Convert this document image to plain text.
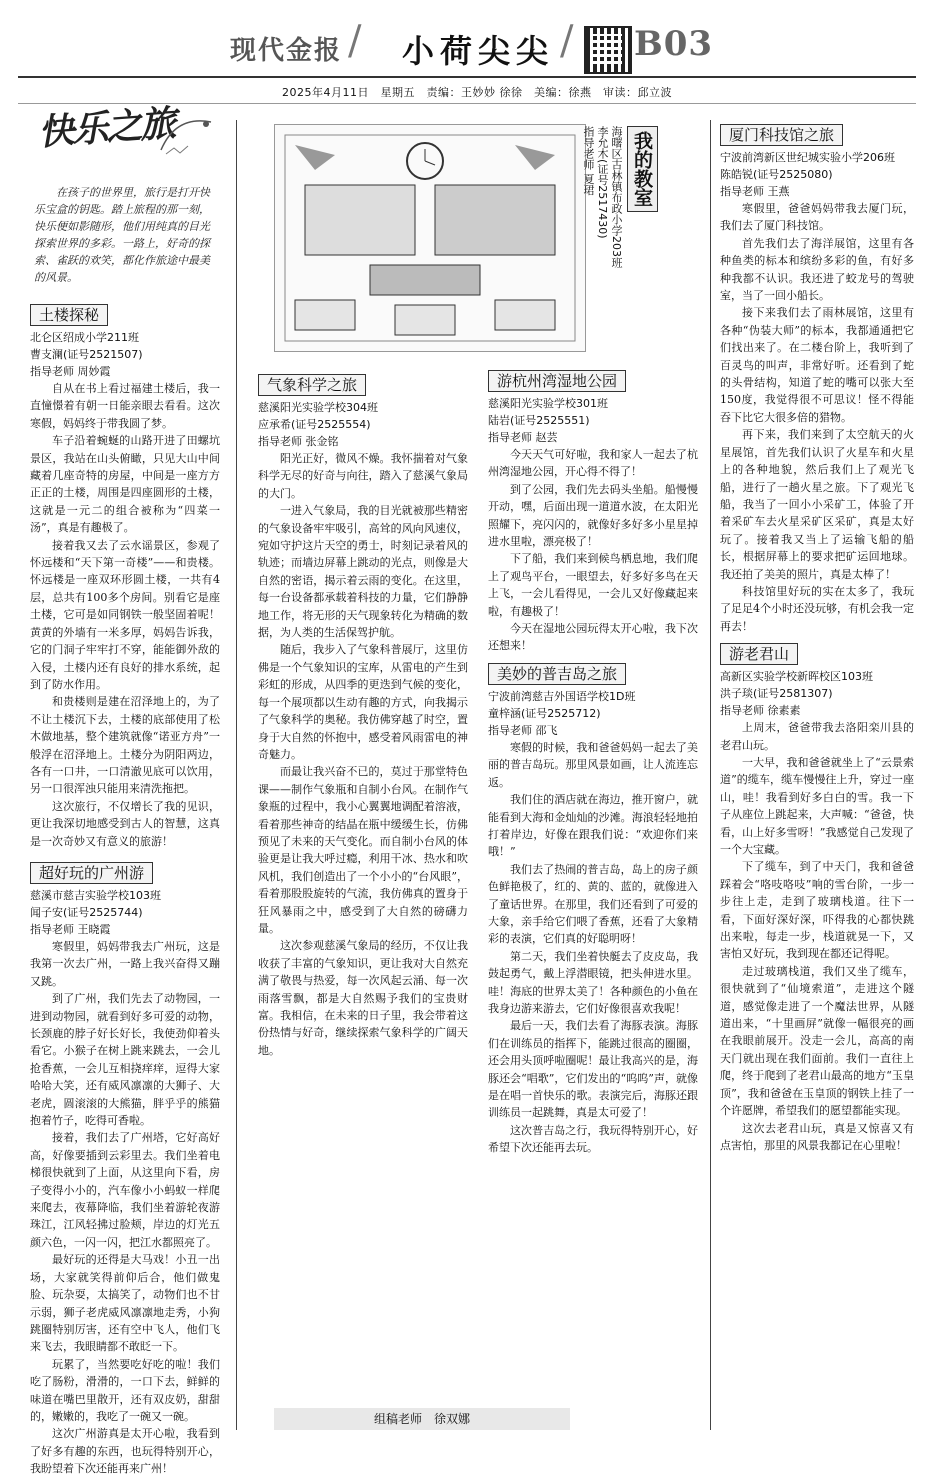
现代金报 / 小荷尖尖 / B03
2025年4月11日　星期五　责编：王妙妙 徐徐　美编：徐燕　审读：邱立波
快乐之旅
在孩子的世界里，旅行是打开快乐宝盒的钥匙。踏上旅程的那一刻，快乐便如影随形，他们用纯真的目光探索世界的多彩。一路上，好奇的探索、雀跃的欢笑，都化作旅途中最美的风景。
土楼探秘
北仑区绍成小学211班
曹支澜(证号2521507)
指导老师 周妙霞

自从在书上看过福建土楼后，我一直憧憬着有朝一日能亲眼去看看。这次寒假，妈妈终于带我圆了梦。

车子沿着蜿蜒的山路开进了田螺坑景区，我站在山头俯瞰，只见大山中间藏着几座奇特的房屋，中间是一座方方正正的土楼，周围是四座圆形的土楼，这就是一元二的组合被称为“四菜一汤”，真是有趣极了。

接着我又去了云水谣景区，参观了怀远楼和“天下第一奇楼”——和贵楼。怀远楼是一座双环形圆土楼，一共有4层，总共有100多个房间。别看它是座土楼，它可是如同钢铁一般坚固着呢！黄黄的外墙有一米多厚，妈妈告诉我，它的门洞子牢牢打不穿，能能御外敌的入侵，土楼内还有良好的排水系统，起到了防水作用。

和贵楼则是建在沼泽地上的，为了不让土楼沉下去，土楼的底部使用了松木做地基，整个建筑就像“诺亚方舟”一般浮在沼泽地上。土楼分为阴阳两边，各有一口井，一口清澈见底可以饮用，另一口很浑浊只能用来清洗拖把。

这次旅行，不仅增长了我的见识，更让我深切地感受到古人的智慧，这真是一次奇妙又有意义的旅游！

超好玩的广州游
慈溪市慈吉实验学校103班
闻子安(证号2525744)
指导老师 王晓霞

寒假里，妈妈带我去广州玩，这是我第一次去广州，一路上我兴奋得又蹦又跳。

到了广州，我们先去了动物园，一进到动物园，就看到好多可爱的动物，长颈鹿的脖子好长好长，我使劲仰着头看它。小猴子在树上跳来跳去，一会儿抢香蕉，一会儿互相挠痒痒，逗得大家哈哈大笑，还有威风凛凛的大狮子、大老虎，圆滚滚的大熊猫，胖乎乎的熊猫抱着竹子，吃得可香啦。

接着，我们去了广州塔，它好高好高，好像要插到云彩里去。我们坐着电梯很快就到了上面，从这里向下看，房子变得小小的，汽车像小小蚂蚁一样爬来爬去，夜幕降临，我们坐着游轮夜游珠江，江风轻拂过脸颊，岸边的灯光五颜六色，一闪一闪，把江水都照亮了。

最好玩的还得是大马戏！小丑一出场，大家就笑得前仰后合，他们做鬼脸、玩杂耍，太搞笑了，动物们也不甘示弱，狮子老虎威风凛凛地走秀，小狗跳圈特别厉害，还有空中飞人，他们飞来飞去，我眼睛都不敢眨一下。

玩累了，当然要吃好吃的啦！我们吃了肠粉，滑滑的，一口下去，鲜鲜的味道在嘴巴里散开，还有双皮奶，甜甜的，嫩嫩的，我吃了一碗又一碗。

这次广州游真是太开心啦，我看到了好多有趣的东西，也玩得特别开心，我盼望着下次还能再来广州！

我的教室
海曙区古林镇布政小学203班
李允木(证号2517430)
指导老师 夏珺
气象科学之旅
慈溪阳光实验学校304班
应承希(证号2525554)
指导老师 张金铭

阳光正好，微风不燥。我怀揣着对气象科学无尽的好奇与向往，踏入了慈溪气象局的大门。

一进入气象局，我的目光就被那些精密的气象设备牢牢吸引，高耸的风向风速仪，宛如守护这片天空的勇士，时刻记录着风的轨迹；而墙边屏幕上跳动的光点，则像是大自然的密语，揭示着云雨的变化。在这里，每一台设备都承载着科技的力量，它们静静地工作，将无形的天气现象转化为精确的数据，为人类的生活保驾护航。

随后，我步入了气象科普展厅，这里仿佛是一个气象知识的宝库，从雷电的产生到彩虹的形成，从四季的更迭到气候的变化，每一个展项都以生动有趣的方式，向我揭示了气象科学的奥秘。我仿佛穿越了时空，置身于大自然的怀抱中，感受着风雨雷电的神奇魅力。

而最让我兴奋不已的，莫过于那堂特色课——制作气象瓶和自制小台风。在制作气象瓶的过程中，我小心翼翼地调配着溶液，看着那些神奇的结晶在瓶中缓缓生长，仿佛预见了未来的天气变化。而自制小台风的体验更是让我大呼过瘾，利用干冰、热水和吹风机，我们创造出了一个小小的“台风眼”，看着那股股旋转的气流，我仿佛真的置身于狂风暴雨之中，感受到了大自然的磅礴力量。

这次参观慈溪气象局的经历，不仅让我收获了丰富的气象知识，更让我对大自然充满了敬畏与热爱，每一次风起云涌、每一次雨落雪飘，都是大自然赐予我们的宝贵财富。我相信，在未来的日子里，我会带着这份热情与好奇，继续探索气象科学的广阔天地。

游杭州湾湿地公园
慈溪阳光实验学校301班
陆岩(证号2525551)
指导老师 赵芸

今天天气可好啦，我和家人一起去了杭州湾湿地公园，开心得不得了！

到了公园，我们先去码头坐船。船慢慢开动，嘿，后面出现一道道水波，在太阳光照耀下，亮闪闪的，就像好多好多小星星掉进水里啦，漂亮极了！

下了船，我们来到候鸟栖息地，我们爬上了观鸟平台，一眼望去，好多好多鸟在天上飞，一会儿看得见，一会儿又好像藏起来啦，有趣极了！

今天在湿地公园玩得太开心啦，我下次还想来！

美妙的普吉岛之旅
宁波前湾慈吉外国语学校1D班
童梓涵(证号2525712)
指导老师 邵飞

寒假的时候，我和爸爸妈妈一起去了美丽的普吉岛玩。那里风景如画，让人流连忘返。

我们住的酒店就在海边，推开窗户，就能看到大海和金灿灿的沙滩。海浪轻轻地拍打着岸边，好像在跟我们说：“欢迎你们来哦！”

我们去了热闹的普吉岛，岛上的房子颜色鲜艳极了，红的、黄的、蓝的，就像进入了童话世界。在那里，我们还看到了可爱的大象，亲手给它们喂了香蕉，还看了大象精彩的表演，它们真的好聪明呀！

第二天，我们坐着快艇去了皮皮岛，我鼓起勇气，戴上浮潜眼镜，把头伸进水里。哇！海底的世界太美了！各种颜色的小鱼在我身边游来游去，它们好像很喜欢我呢！

最后一天，我们去看了海豚表演。海豚们在训练员的指挥下，能跳过很高的圈圈，还会用头顶呼啦圈呢！最让我高兴的是，海豚还会“唱歌”，它们发出的“呜呜”声，就像是在唱一首快乐的歌。表演完后，海豚还跟训练员一起跳舞，真是太可爱了！

这次普吉岛之行，我玩得特别开心，好希望下次还能再去玩。

厦门科技馆之旅
宁波前湾新区世纪城实验小学206班
陈皓锐(证号2525080)
指导老师 王燕

寒假里，爸爸妈妈带我去厦门玩，我们去了厦门科技馆。

首先我们去了海洋展馆，这里有各种鱼类的标本和缤纷多彩的鱼，有好多种我都不认识。我还进了蛟龙号的驾驶室，当了一回小船长。

接下来我们去了雨林展馆，这里有各种“伪装大师”的标本，我都通通把它们找出来了。在二楼台阶上，我听到了百灵鸟的叫声，非常好听。还看到了蛇的头骨结构，知道了蛇的嘴可以张大至150度，我觉得很不可思议！怪不得能吞下比它大很多倍的猎物。

再下来，我们来到了太空航天的火星展馆，首先我们认识了火星车和火星上的各种地貌，然后我们上了观光飞船，进行了一趟火星之旅。下了观光飞船，我当了一回小小采矿工，体验了开着采矿车去火星采矿区采矿，真是太好玩了。接着我又当上了运输飞船的船长，根据屏幕上的要求把矿运回地球。我还拍了美美的照片，真是太棒了！

科技馆里好玩的实在太多了，我玩了足足4个小时还没玩够，有机会我一定再去！

游老君山
高新区实验学校新晖校区103班
洪子琰(证号2581307)
指导老师 徐素素

上周末，爸爸带我去洛阳栾川县的老君山玩。

一大早，我和爸爸就坐上了“云景索道”的缆车，缆车慢慢往上升，穿过一座山，哇！我看到好多白白的雪。我一下子从座位上跳起来，大声喊：“爸爸，快看，山上好多雪呀！”我感觉自己发现了一个大宝藏。

下了缆车，到了中天门，我和爸爸踩着会“咯吱咯吱”响的雪台阶，一步一步往上走，走到了玻璃栈道。往下一看，下面好深好深，吓得我的心都快跳出来啦，每走一步，栈道就晃一下，又害怕又好玩，我到现在都还记得呢。

走过玻璃栈道，我们又坐了缆车，很快就到了“仙境索道”，走进这个隧道，感觉像走进了一个魔法世界，从隧道出来，“十里画屏”就像一幅很亮的画在我眼前展开。没走一会儿，高高的南天门就出现在我们面前。我们一直往上爬，终于爬到了老君山最高的地方“玉皇顶”，我和爸爸在玉皇顶的钢铁上挂了一个许愿牌，希望我们的愿望都能实现。

这次去老君山玩，真是又惊喜又有点害怕，那里的风景我都记在心里啦！

组稿老师　徐双娜
